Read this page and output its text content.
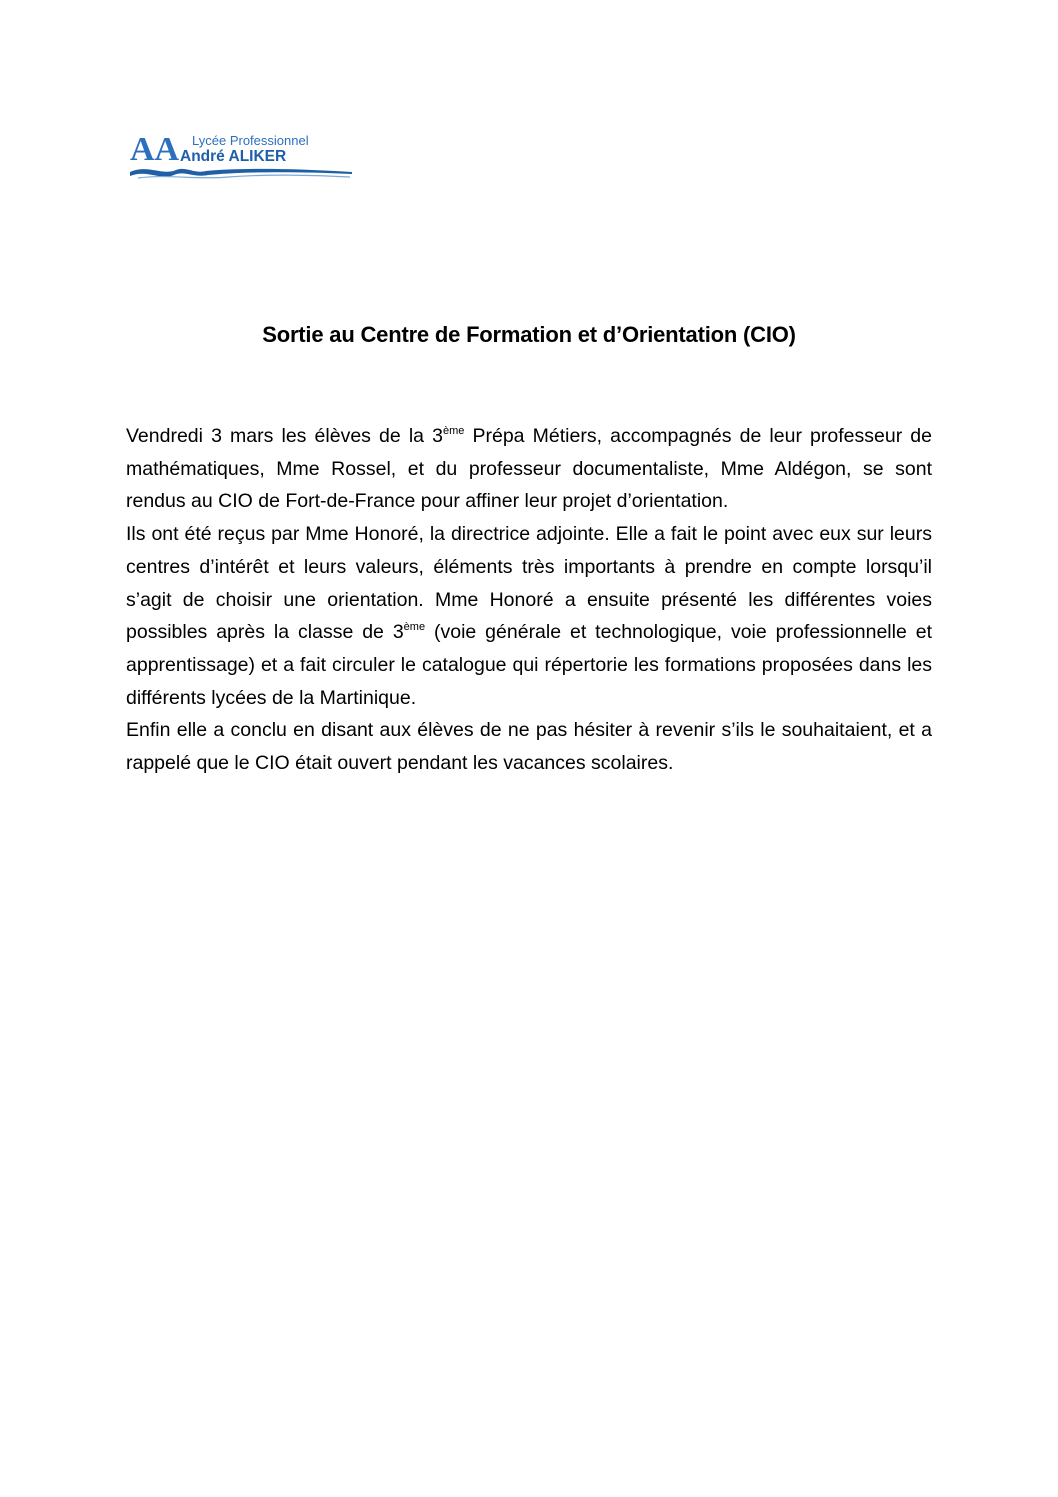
AA Lycée Professionnel
André ALIKER
Sortie au Centre de Formation et d’Orientation (CIO)

Vendredi 3 mars les élèves de la 3ème Prépa Métiers, accompagnés de leur professeur de mathématiques, Mme Rossel, et du professeur documentaliste, Mme Aldégon, se sont rendus au CIO de Fort-de-France pour affiner leur projet d’orientation.

Ils ont été reçus par Mme Honoré, la directrice adjointe. Elle a fait le point avec eux sur leurs centres d’intérêt et leurs valeurs, éléments très importants à prendre en compte lorsqu’il s’agit de choisir une orientation. Mme Honoré a ensuite présenté les différentes voies possibles après la classe de 3ème (voie générale et technologique, voie professionnelle et apprentissage) et a fait circuler le catalogue qui répertorie les formations proposées dans les différents lycées de la Martinique.

Enfin elle a conclu en disant aux élèves de ne pas hésiter à revenir s’ils le souhaitaient, et a rappelé que le CIO était ouvert pendant les vacances scolaires.
